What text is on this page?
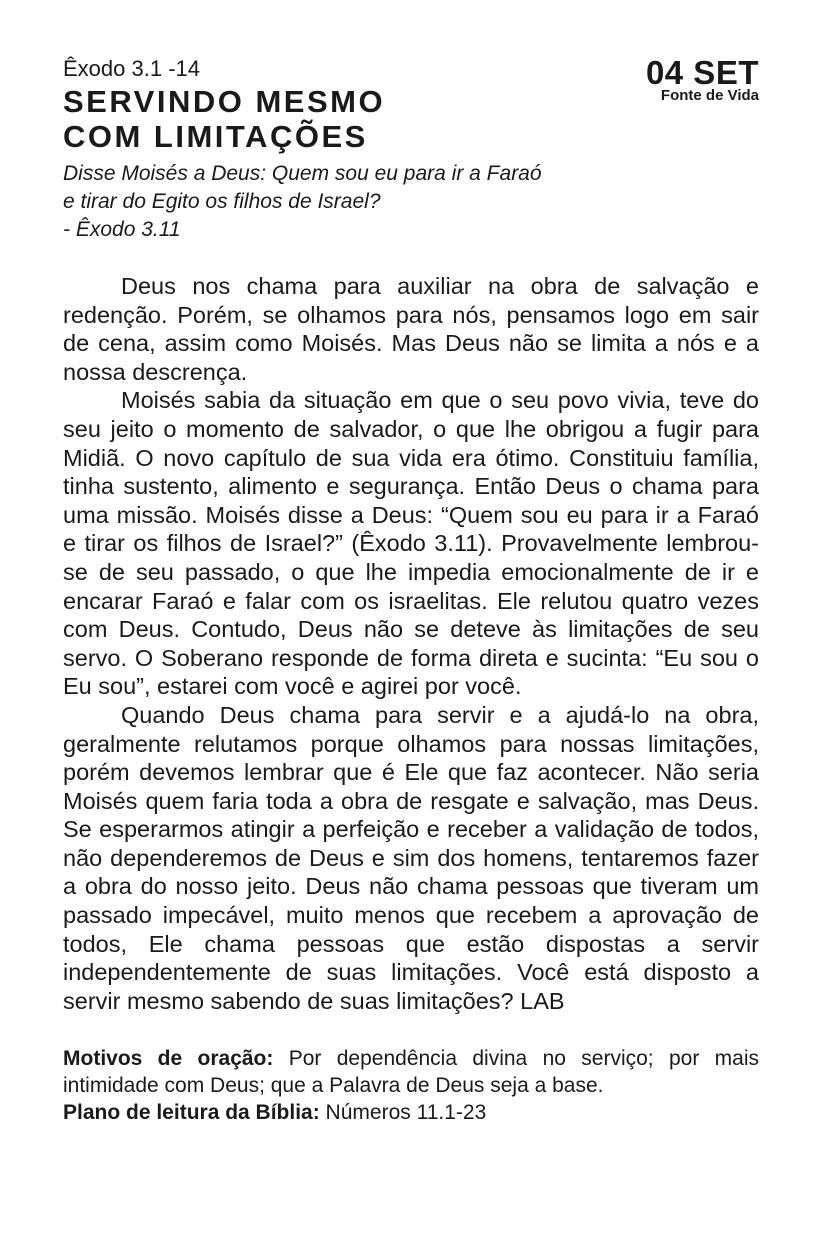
04 SET
Fonte de Vida
Êxodo 3.1 -14
SERVINDO MESMO
COM LIMITAÇÕES
Disse Moisés a Deus: Quem sou eu para ir a Faraó
e tirar do Egito os filhos de Israel?
- Êxodo 3.11

Deus nos chama para auxiliar na obra de salvação e redenção. Porém, se olhamos para nós, pensamos logo em sair de cena, assim como Moisés. Mas Deus não se limita a nós e a nossa descrença.

Moisés sabia da situação em que o seu povo vivia, teve do seu jeito o momento de salvador, o que lhe obrigou a fugir para Midiã. O novo capítulo de sua vida era ótimo. Constituiu família, tinha sustento, alimento e segurança. Então Deus o chama para uma missão. Moisés disse a Deus: “Quem sou eu para ir a Faraó e tirar os filhos de Israel?” (Êxodo 3.11). Provavelmente lembrou-se de seu passado, o que lhe impedia emocionalmente de ir e encarar Faraó e falar com os israelitas. Ele relutou quatro vezes com Deus. Contudo, Deus não se deteve às limitações de seu servo. O Soberano responde de forma direta e sucinta: “Eu sou o Eu sou”, estarei com você e agirei por você.

Quando Deus chama para servir e a ajudá-lo na obra, geralmente relutamos porque olhamos para nossas limitações, porém devemos lembrar que é Ele que faz acontecer. Não seria Moisés quem faria toda a obra de resgate e salvação, mas Deus. Se esperarmos atingir a perfeição e receber a validação de todos, não dependeremos de Deus e sim dos homens, tentaremos fazer a obra do nosso jeito. Deus não chama pessoas que tiveram um passado impecável, muito menos que recebem a aprovação de todos, Ele chama pessoas que estão dispostas a servir independentemente de suas limitações. Você está disposto a servir mesmo sabendo de suas limitações? LAB

Motivos de oração: Por dependência divina no serviço; por mais intimidade com Deus; que a Palavra de Deus seja a base.

Plano de leitura da Bíblia: Números 11.1-23
